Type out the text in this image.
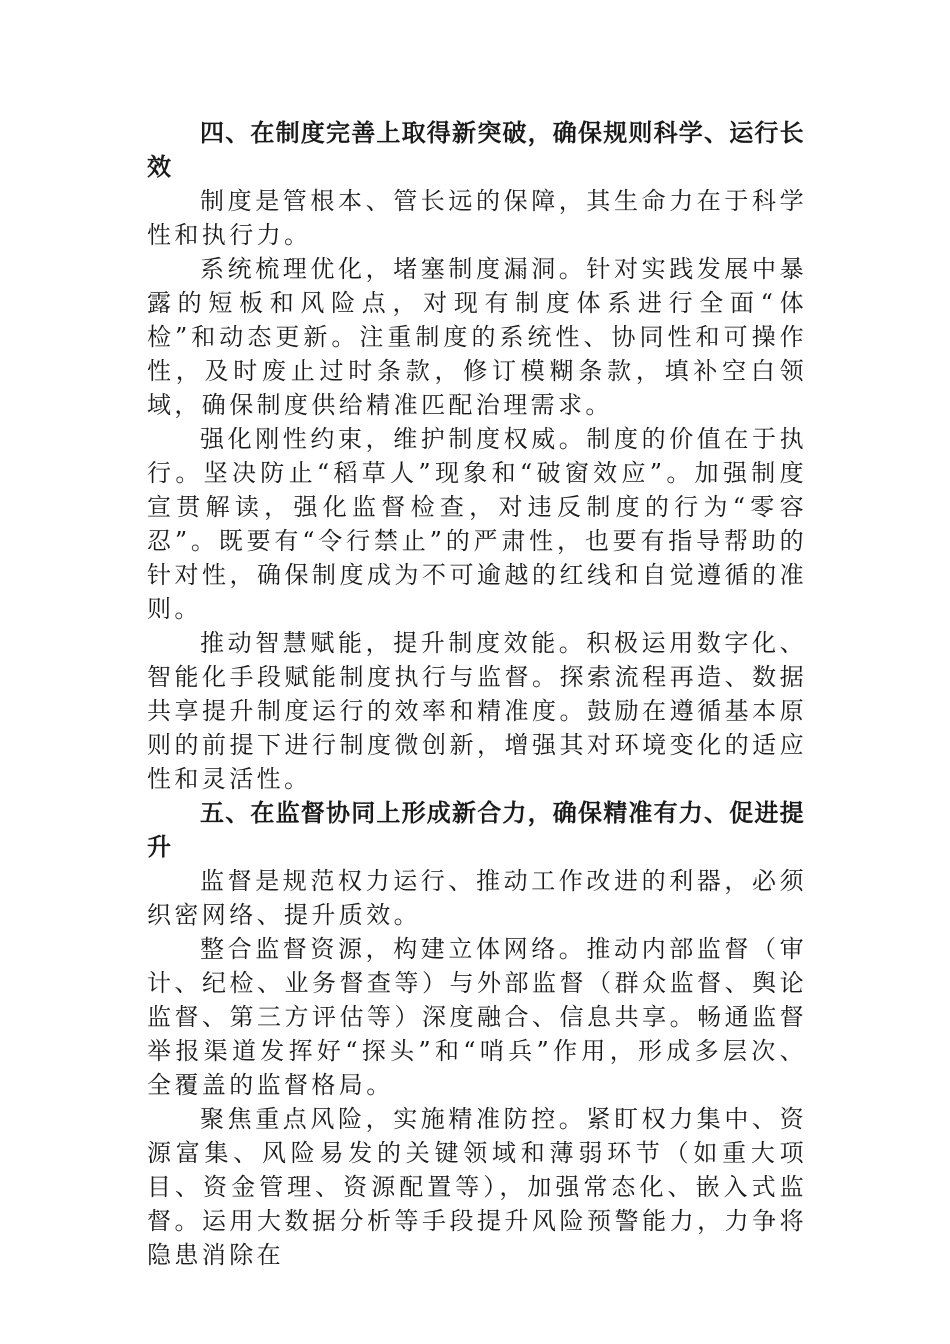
四、在制度完善上取得新突破，确保规则科学、运行长效

制度是管根本、管长远的保障，其生命力在于科学性和执行力。

系统梳理优化，堵塞制度漏洞。针对实践发展中暴露的短板和风险点，对现有制度体系进行全面“体检”和动态更新。注重制度的系统性、协同性和可操作性，及时废止过时条款，修订模糊条款，填补空白领域，确保制度供给精准匹配治理需求。

强化刚性约束，维护制度权威。制度的价值在于执行。坚决防止“稻草人”现象和“破窗效应”。加强制度宣贯解读，强化监督检查，对违反制度的行为“零容忍”。既要有“令行禁止”的严肃性，也要有指导帮助的针对性，确保制度成为不可逾越的红线和自觉遵循的准则。

推动智慧赋能，提升制度效能。积极运用数字化、智能化手段赋能制度执行与监督。探索流程再造、数据共享提升制度运行的效率和精准度。鼓励在遵循基本原则的前提下进行制度微创新，增强其对环境变化的适应性和灵活性。

五、在监督协同上形成新合力，确保精准有力、促进提升

监督是规范权力运行、推动工作改进的利器，必须织密网络、提升质效。

整合监督资源，构建立体网络。推动内部监督（审计、纪检、业务督查等）与外部监督（群众监督、舆论监督、第三方评估等）深度融合、信息共享。畅通监督举报渠道发挥好“探头”和“哨兵”作用，形成多层次、全覆盖的监督格局。

聚焦重点风险，实施精准防控。紧盯权力集中、资源富集、风险易发的关键领域和薄弱环节（如重大项目、资金管理、资源配置等），加强常态化、嵌入式监督。运用大数据分析等手段提升风险预警能力，力争将隐患消除在
